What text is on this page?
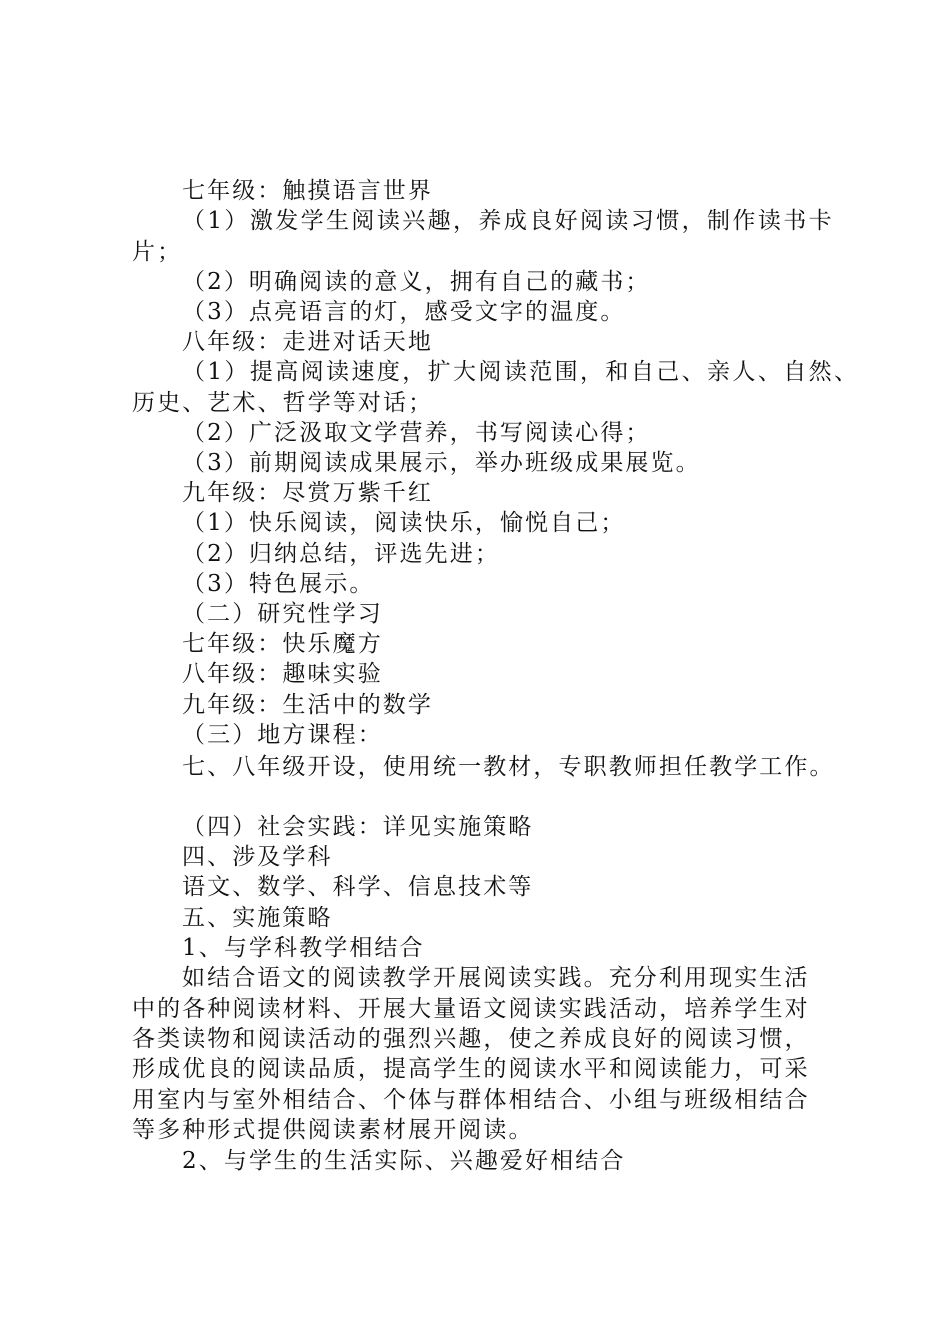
七年级：触摸语言世界
（1）激发学生阅读兴趣，养成良好阅读习惯，制作读书卡
片；
（2）明确阅读的意义，拥有自己的藏书；
（3）点亮语言的灯，感受文字的温度。
八年级：走进对话天地
（1）提高阅读速度，扩大阅读范围，和自己、亲人、自然、
历史、艺术、哲学等对话；
（2）广泛汲取文学营养，书写阅读心得；
（3）前期阅读成果展示，举办班级成果展览。
九年级：尽赏万紫千红
（1）快乐阅读，阅读快乐，愉悦自己；
（2）归纳总结，评选先进；
（3）特色展示。
（二）研究性学习
七年级：快乐魔方
八年级：趣味实验
九年级：生活中的数学
（三）地方课程：
七、八年级开设，使用统一教材，专职教师担任教学工作。
（四）社会实践：详见实施策略
四、涉及学科
语文、数学、科学、信息技术等
五、实施策略
1、与学科教学相结合
如结合语文的阅读教学开展阅读实践。充分利用现实生活
中的各种阅读材料、开展大量语文阅读实践活动，培养学生对
各类读物和阅读活动的强烈兴趣，使之养成良好的阅读习惯，
形成优良的阅读品质，提高学生的阅读水平和阅读能力，可采
用室内与室外相结合、个体与群体相结合、小组与班级相结合
等多种形式提供阅读素材展开阅读。
2、与学生的生活实际、兴趣爱好相结合
